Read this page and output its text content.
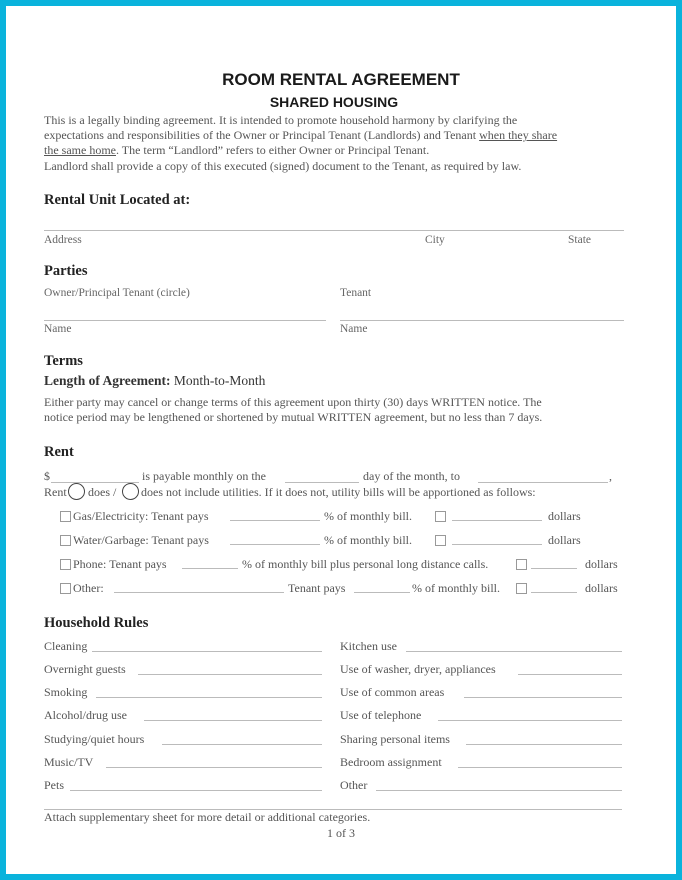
ROOM RENTAL AGREEMENT
SHARED HOUSING
This is a legally binding agreement. It is intended to promote household harmony by clarifying the
expectations and responsibilities of the Owner or Principal Tenant (Landlords) and Tenant when they share
the same home. The term “Landlord” refers to either Owner or Principal Tenant.
Landlord shall provide a copy of this executed (signed) document to the Tenant, as required by law.
Rental Unit Located at:
Address	City	State
Parties
Owner/Principal Tenant (circle)	Tenant
Name	Name
Terms
Length of Agreement: Month-to-Month
Either party may cancel or change terms of this agreement upon thirty (30) days WRITTEN notice. The
notice period may be lengthened or shortened by mutual WRITTEN agreement, but no less than 7 days.
Rent
$	is payable monthly on the	day of the month, to	,
Rent does / does not include utilities. If it does not, utility bills will be apportioned as follows:
Gas/Electricity: Tenant pays	% of monthly bill.	dollars
Water/Garbage: Tenant pays	% of monthly bill.	dollars
Phone: Tenant pays	% of monthly bill plus personal long distance calls.	dollars
Other:	Tenant pays	% of monthly bill.	dollars
Household Rules
Cleaning	Kitchen use
Overnight guests	Use of washer, dryer, appliances
Smoking	Use of common areas
Alcohol/drug use	Use of telephone
Studying/quiet hours	Sharing personal items
Music/TV	Bedroom assignment
Pets	Other
Attach supplementary sheet for more detail or additional categories.
1 of 3
